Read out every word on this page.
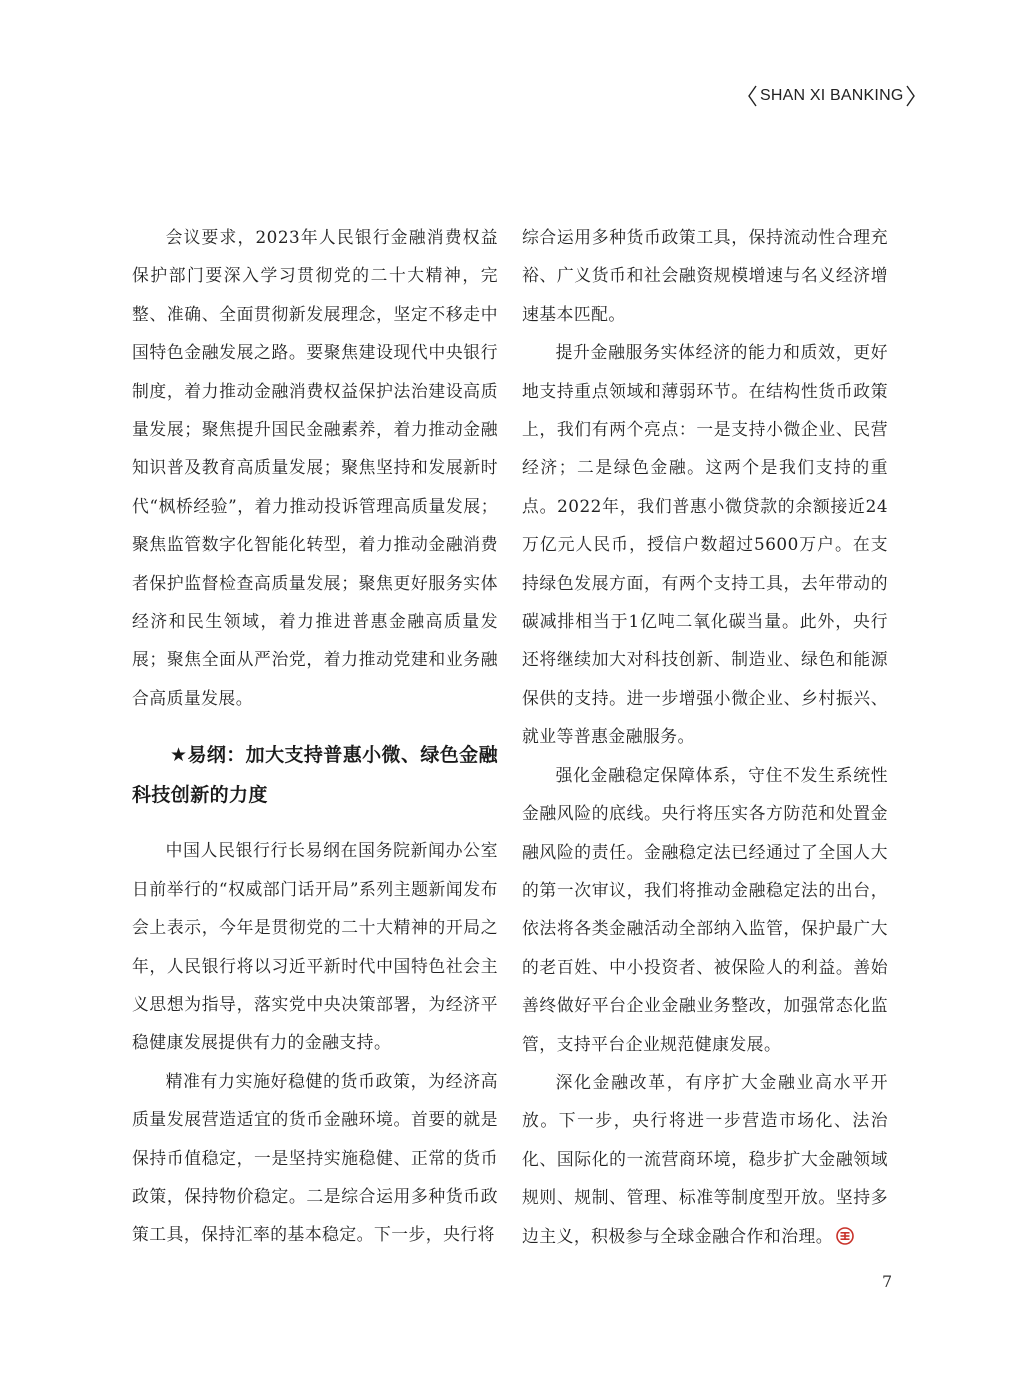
SHAN XI BANKING

会议要求，2023年人民银行金融消费权益保护部门要深入学习贯彻党的二十大精神，完整、准确、全面贯彻新发展理念，坚定不移走中国特色金融发展之路。要聚焦建设现代中央银行制度，着力推动金融消费权益保护法治建设高质量发展；聚焦提升国民金融素养，着力推动金融知识普及教育高质量发展；聚焦坚持和发展新时代“枫桥经验”，着力推动投诉管理高质量发展；聚焦监管数字化智能化转型，着力推动金融消费者保护监督检查高质量发展；聚焦更好服务实体经济和民生领域，着力推进普惠金融高质量发展；聚焦全面从严治党，着力推动党建和业务融合高质量发展。

★易纲：加大支持普惠小微、绿色金融科技创新的力度

中国人民银行行长易纲在国务院新闻办公室日前举行的“权威部门话开局”系列主题新闻发布会上表示，今年是贯彻党的二十大精神的开局之年，人民银行将以习近平新时代中国特色社会主义思想为指导，落实党中央决策部署，为经济平稳健康发展提供有力的金融支持。

精准有力实施好稳健的货币政策，为经济高质量发展营造适宜的货币金融环境。首要的就是保持币值稳定，一是坚持实施稳健、正常的货币政策，保持物价稳定。二是综合运用多种货币政策工具，保持汇率的基本稳定。下一步，央行将

综合运用多种货币政策工具，保持流动性合理充裕、广义货币和社会融资规模增速与名义经济增速基本匹配。

提升金融服务实体经济的能力和质效，更好地支持重点领域和薄弱环节。在结构性货币政策上，我们有两个亮点：一是支持小微企业、民营经济；二是绿色金融。这两个是我们支持的重点。2022年，我们普惠小微贷款的余额接近24万亿元人民币，授信户数超过5600万户。在支持绿色发展方面，有两个支持工具，去年带动的碳减排相当于1亿吨二氧化碳当量。此外，央行还将继续加大对科技创新、制造业、绿色和能源保供的支持。进一步增强小微企业、乡村振兴、就业等普惠金融服务。

强化金融稳定保障体系，守住不发生系统性金融风险的底线。央行将压实各方防范和处置金融风险的责任。金融稳定法已经通过了全国人大的第一次审议，我们将推动金融稳定法的出台，依法将各类金融活动全部纳入监管，保护最广大的老百姓、中小投资者、被保险人的利益。善始善终做好平台企业金融业务整改，加强常态化监管，支持平台企业规范健康发展。

深化金融改革，有序扩大金融业高水平开放。下一步，央行将进一步营造市场化、法治化、国际化的一流营商环境，稳步扩大金融领域规则、规制、管理、标准等制度型开放。坚持多边主义，积极参与全球金融合作和治理。

7
